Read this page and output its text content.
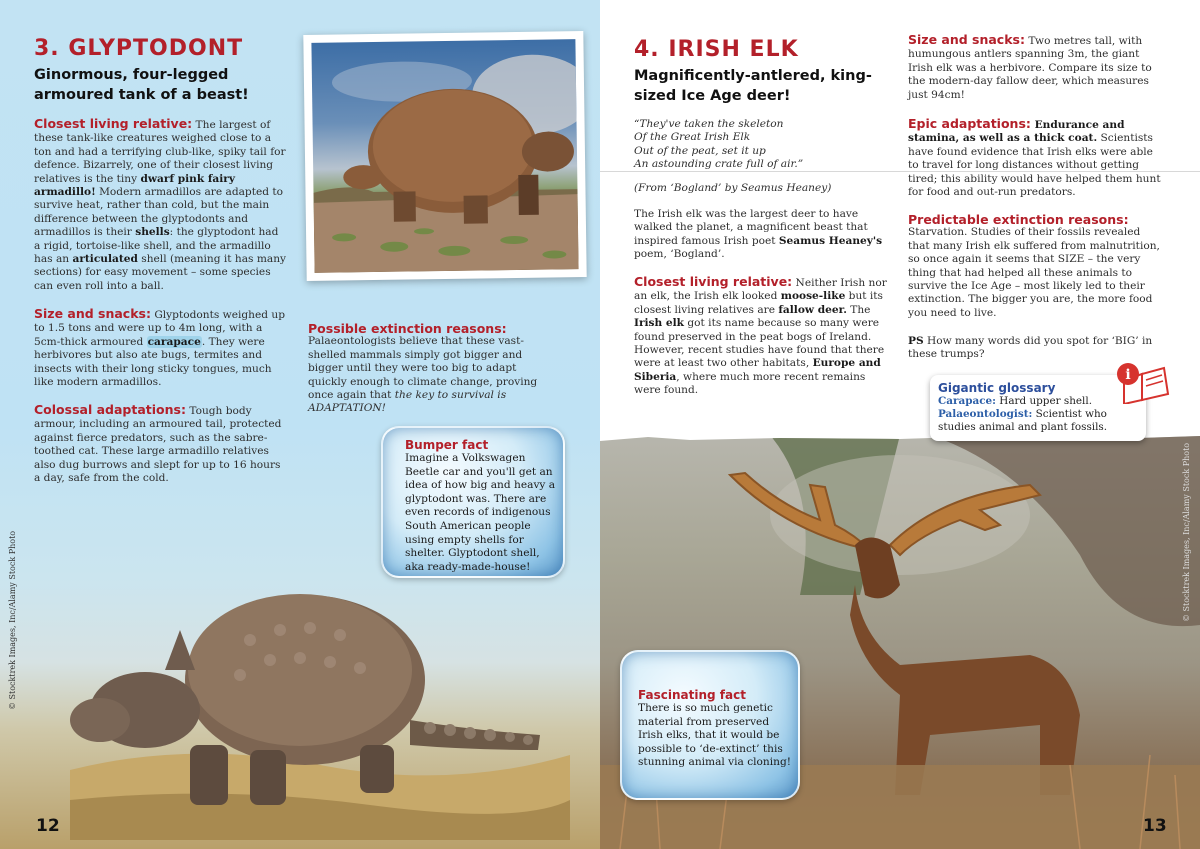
3. GLYPTODONT
Ginormous, four-legged armoured tank of a beast!
Closest living relative: The largest of these tank-like creatures weighed close to a ton and had a terrifying club-like, spiky tail for defence. Bizarrely, one of their closest living relatives is the tiny dwarf pink fairy armadillo! Modern armadillos are adapted to survive heat, rather than cold, but the main difference between the glyptodonts and armadillos is their shells: the glyptodont had a rigid, tortoise-like shell, and the armadillo has an articulated shell (meaning it has many sections) for easy movement – some species can even roll into a ball.
Size and snacks: Glyptodonts weighed up to 1.5 tons and were up to 4m long, with a 5cm-thick armoured carapace. They were herbivores but also ate bugs, termites and insects with their long sticky tongues, much like modern armadillos.
Colossal adaptations: Tough body armour, including an armoured tail, protected against fierce predators, such as the sabre-toothed cat. These large armadillo relatives also dug burrows and slept for up to 16 hours a day, safe from the cold.
Possible extinction reasons:
Palaeontologists believe that these vast-shelled mammals simply got bigger and bigger until they were too big to adapt quickly enough to climate change, proving once again that the key to survival is ADAPTATION!
Bumper fact
Imagine a Volkswagen Beetle car and you'll get an idea of how big and heavy a glyptodont was. There are even records of indigenous South American people using empty shells for shelter. Glyptodont shell, aka ready-made-house!
© Stocktrek Images, Inc/Alamy Stock Photo
12
4. IRISH ELK
Magnificently-antlered, king-sized Ice Age deer!
“They've taken the skeleton
Of the Great Irish Elk
Out of the peat, set it up
An astounding crate full of air.”
(From ‘Bogland’ by Seamus Heaney)
The Irish elk was the largest deer to have walked the planet, a magnificent beast that inspired famous Irish poet Seamus Heaney's poem, ‘Bogland’.
Closest living relative: Neither Irish nor an elk, the Irish elk looked moose-like but its closest living relatives are fallow deer. The Irish elk got its name because so many were found preserved in the peat bogs of Ireland. However, recent studies have found that there were at least two other habitats, Europe and Siberia, where much more recent remains were found.
Size and snacks: Two metres tall, with humungous antlers spanning 3m, the giant Irish elk was a herbivore. Compare its size to the modern-day fallow deer, which measures just 94cm!
Epic adaptations: Endurance and stamina, as well as a thick coat. Scientists have found evidence that Irish elks were able to travel for long distances without getting tired; this ability would have helped them hunt for food and out-run predators.
Predictable extinction reasons:
Starvation. Studies of their fossils revealed that many Irish elk suffered from malnutrition, so once again it seems that SIZE – the very thing that had helped all these animals to survive the Ice Age – most likely led to their extinction. The bigger you are, the more food you need to live.
PS How many words did you spot for ‘BIG’ in these trumps?
Gigantic glossary
Carapace: Hard upper shell.
Palaeontologist: Scientist who studies animal and plant fossils.
i
Fascinating fact
There is so much genetic material from preserved Irish elks, that it would be possible to ‘de-extinct’ this stunning animal via cloning!
© Stocktrek Images, Inc/Alamy Stock Photo
13
